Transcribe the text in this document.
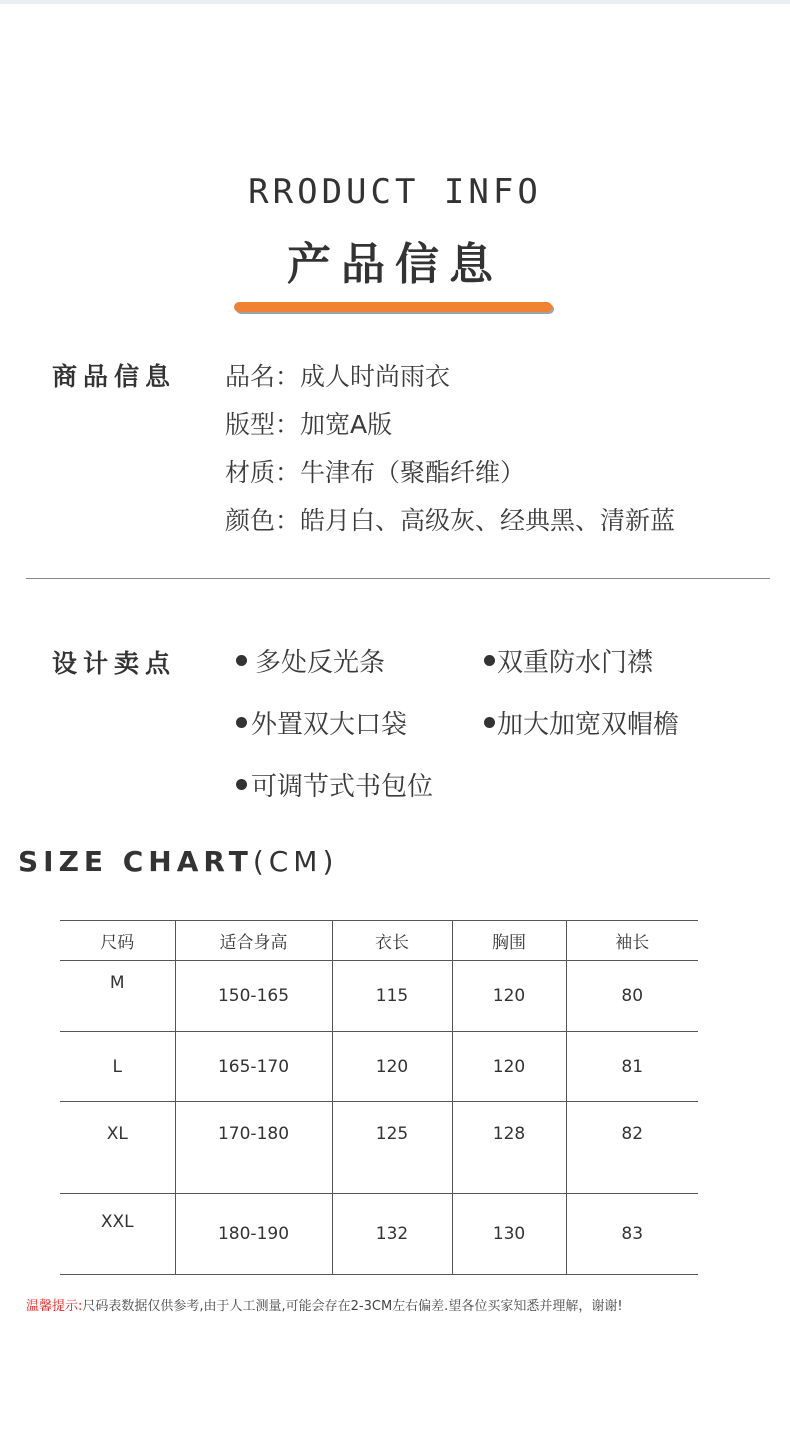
RRODUCT INFO
产品信息
商品信息 品名：成人时尚雨衣
版型：加宽A版
材质：牛津布（聚酯纤维）
颜色：皓月白、高级灰、经典黑、清新蓝
设计卖点	多处反光条	双重防水门襟
外置双大口袋	加大加宽双帽檐
可调节式书包位
SIZE CHART(CM)
尺码	适合身高	衣长	胸围	袖长
M	150-165	115	120	80
L	165-170	120	120	81
XL	170-180	125	128	82
XXL	180-190	132	130	83
温馨提示:尺码表数据仅供参考,由于人工测量,可能会存在2-3CM左右偏差.望各位买家知悉并理解，谢谢!
